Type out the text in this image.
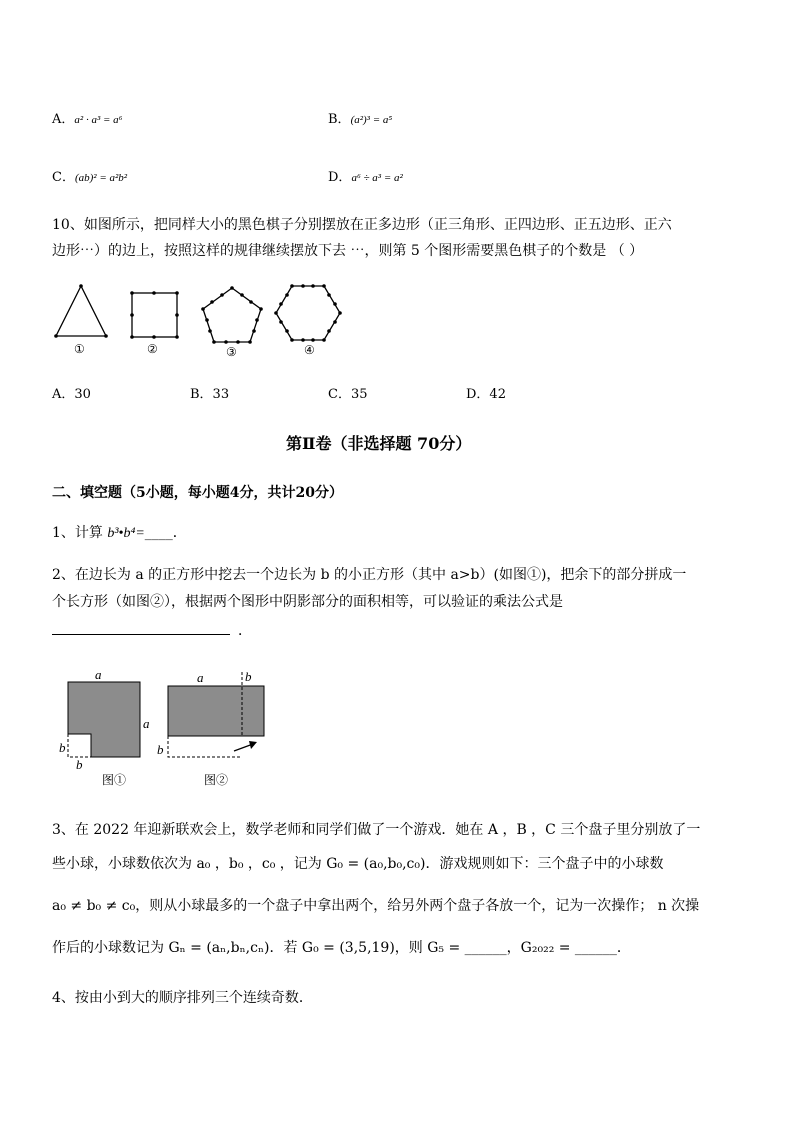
A．a² · a³ = a⁶	B．(a²)³ = a⁵
C．(ab)² = a²b²	D．a⁶ ÷ a³ = a²
10、如图所示，把同样大小的黑色棋子分别摆放在正多边形（正三角形、正四边形、正五边形、正六
边形⋯）的边上，按照这样的规律继续摆放下去 ⋯，则第 5 个图形需要黑色棋子的个数是 （ ）
①	②	③	④
A．30	B．33	C．35	D．42
第Ⅱ卷（非选择题 70分）
二、填空题（5小题，每小题4分，共计20分）
1、计算 b³•b⁴=____．
2、在边长为 a 的正方形中挖去一个边长为 b 的小正方形（其中 a>b）(如图①)，把余下的部分拼成一
个长方形（如图②），根据两个图形中阴影部分的面积相等，可以验证的乘法公式是
．
a
a
b
b
图①
a	b
b
图②
3、在 2022 年迎新联欢会上，数学老师和同学们做了一个游戏．她在 A ，B ，C 三个盘子里分别放了一
些小球，小球数依次为 a₀ ，b₀ ，c₀ ，记为 G₀ = (a₀,b₀,c₀)．游戏规则如下：三个盘子中的小球数
a₀ ≠ b₀ ≠ c₀，则从小球最多的一个盘子中拿出两个，给另外两个盘子各放一个，记为一次操作； n 次操
作后的小球数记为 Gₙ = (aₙ,bₙ,cₙ)．若 G₀ = (3,5,19)，则 G₅ = ______，G₂₀₂₂ = ______．
4、按由小到大的顺序排列三个连续奇数．
